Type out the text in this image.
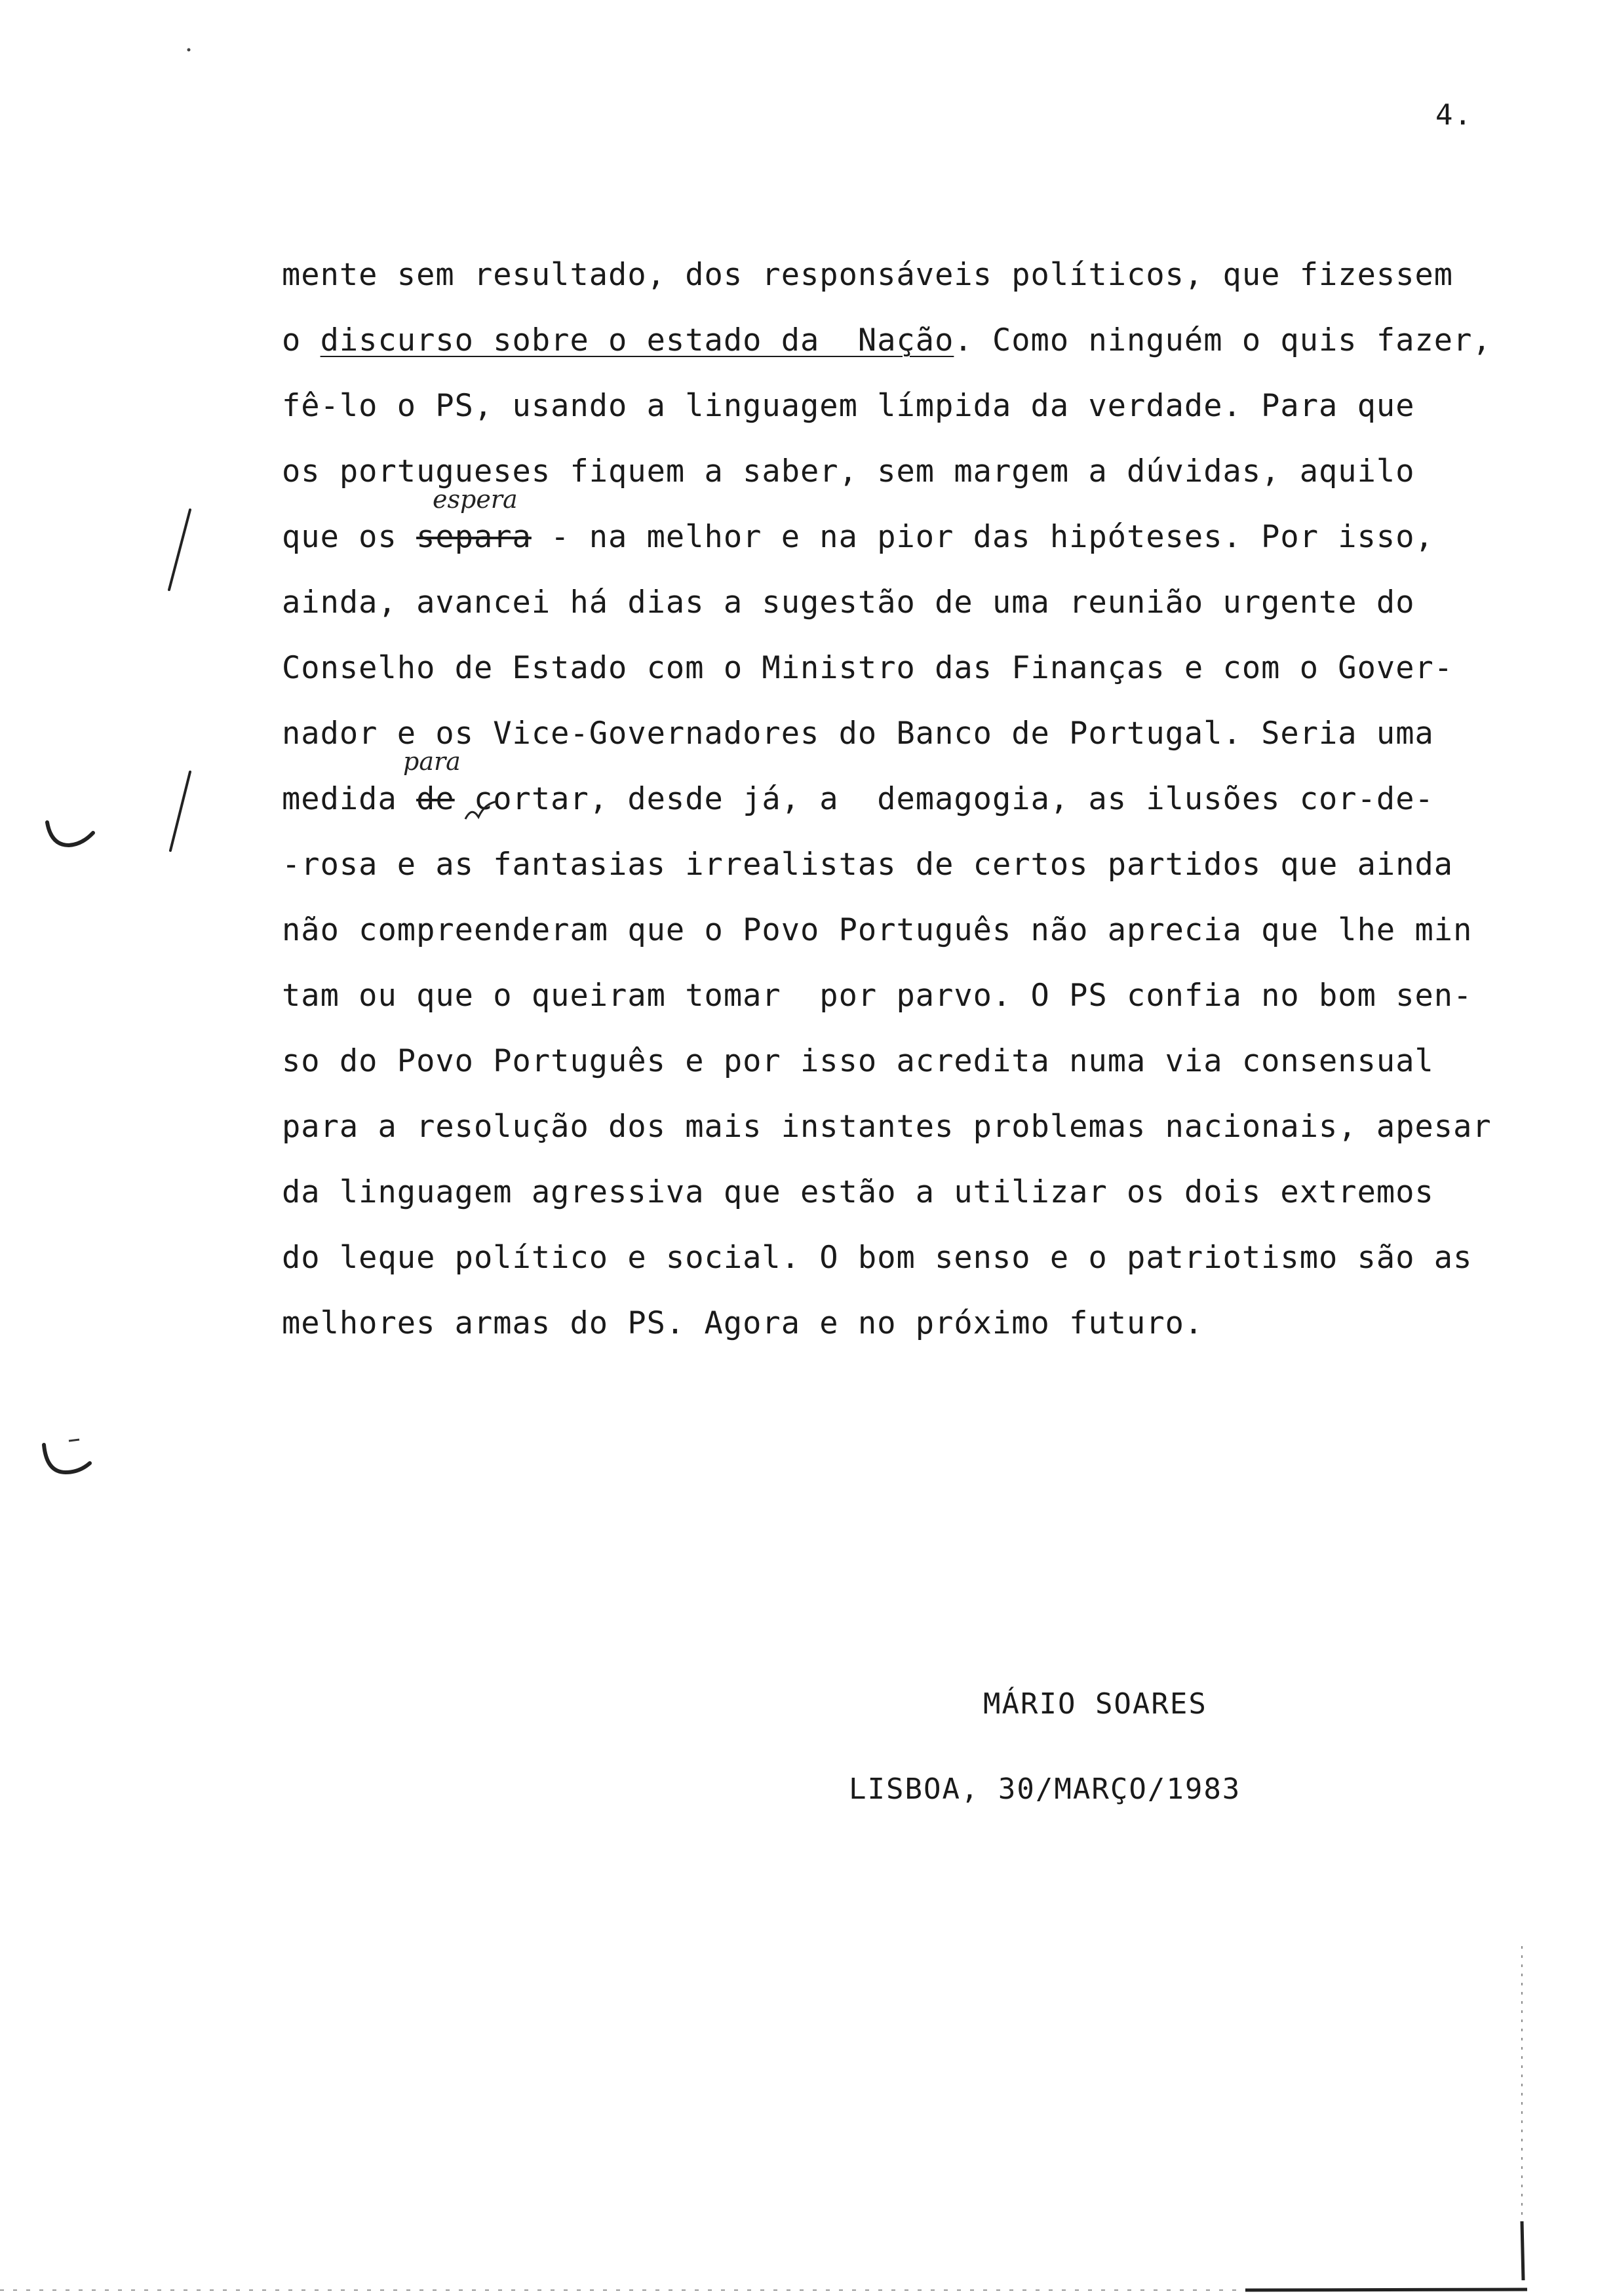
4.
mente sem resultado, dos responsáveis políticos, que fizessem
o discurso sobre o estado da  Nação. Como ninguém o quis fazer,
fê-lo o PS, usando a linguagem límpida da verdade. Para que
os portugueses fiquem a saber, sem margem a dúvidas, aquilo
que os separa - na melhor e na pior das hipóteses. Por isso,
ainda, avancei há dias a sugestão de uma reunião urgente do
Conselho de Estado com o Ministro das Finanças e com o Gover-
nador e os Vice-Governadores do Banco de Portugal. Seria uma
medida de cortar, desde já, a  demagogia, as ilusões cor-de-
-rosa e as fantasias irrealistas de certos partidos que ainda
não compreenderam que o Povo Português não aprecia que lhe min
tam ou que o queiram tomar  por parvo. O PS confia no bom sen-
so do Povo Português e por isso acredita numa via consensual
para a resolução dos mais instantes problemas nacionais, apesar
da linguagem agressiva que estão a utilizar os dois extremos
do leque político e social. O bom senso e o patriotismo são as
melhores armas do PS. Agora e no próximo futuro.
espera
para
MÁRIO SOARES
LISBOA, 30/MARÇO/1983
